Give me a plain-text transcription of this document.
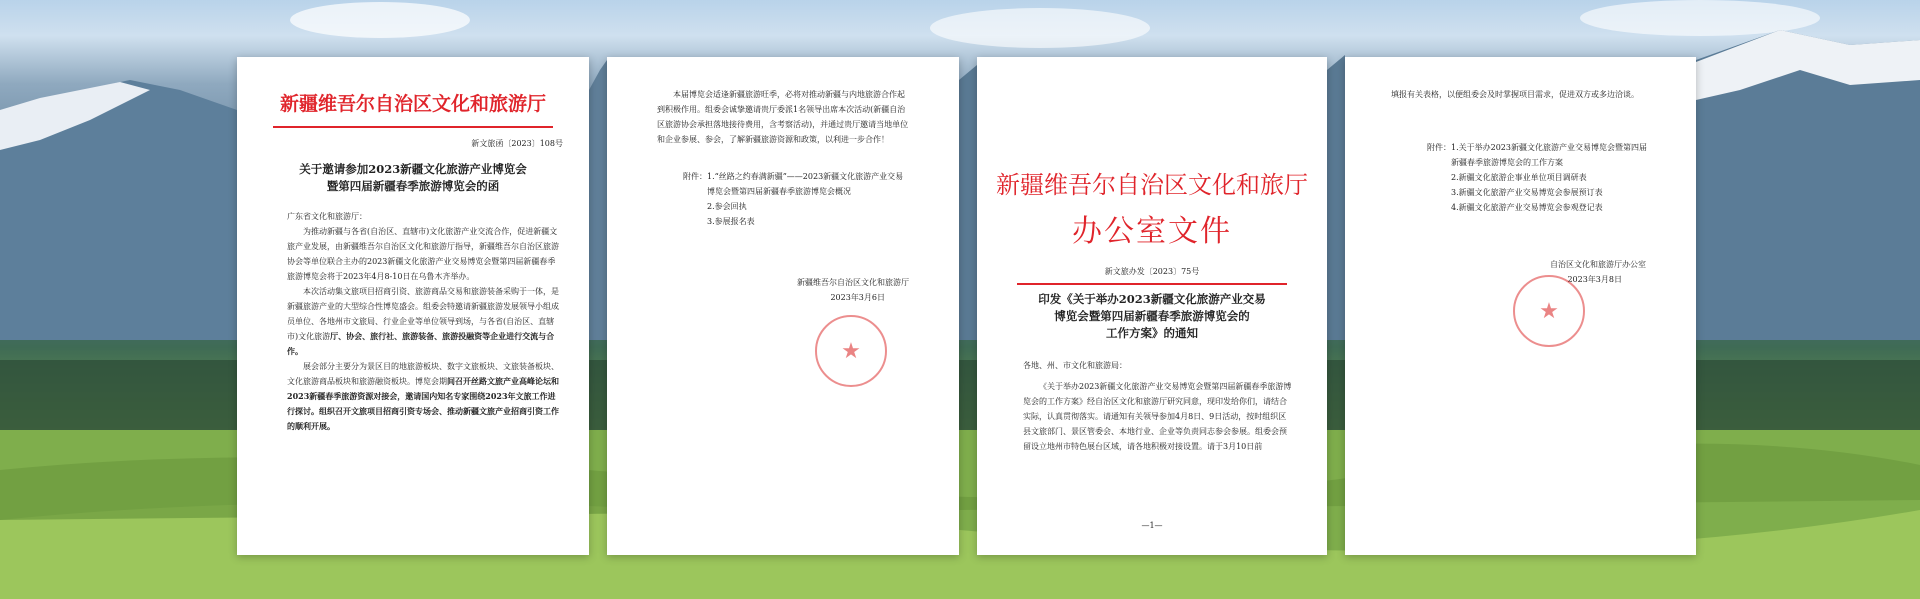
新疆维吾尔自治区文化和旅游厅
新文旅函〔2023〕108号
关于邀请参加2023新疆文化旅游产业博览会
暨第四届新疆春季旅游博览会的函

广东省文化和旅游厅：

为推动新疆与各省(自治区、直辖市)文化旅游产业交流合作，促进新疆文旅产业发展，由新疆维吾尔自治区文化和旅游厅指导，新疆维吾尔自治区旅游协会等单位联合主办的2023新疆文化旅游产业交易博览会暨第四届新疆春季旅游博览会将于2023年4月8-10日在乌鲁木齐举办。

本次活动集文旅项目招商引资、旅游商品交易和旅游装备采购于一体，是新疆旅游产业的大型综合性博览盛会。组委会特邀请新疆旅游发展领导小组成员单位、各地州市文旅局、行业企业等单位领导到场，与各省(自治区、直辖市)文化旅游厅、协会、旅行社、旅游装备、旅游投融资等企业进行交流与合作。

展会部分主要分为景区目的地旅游板块、数字文旅板块、文旅装备板块、文化旅游商品板块和旅游融资板块。博览会期间召开丝路文旅产业高峰论坛和2023新疆春季旅游资源对接会，邀请国内知名专家围绕2023年文旅工作进行探讨。组织召开文旅项目招商引资专场会、推动新疆文旅产业招商引资工作的顺利开展。

本届博览会适逢新疆旅游旺季，必将对推动新疆与内地旅游合作起到积极作用。组委会诚挚邀请贵厅委派1名领导出席本次活动(新疆自治区旅游协会承担落地接待费用，含考察活动)，并通过贵厅邀请当地单位和企业参展、参会，了解新疆旅游资源和政策，以利进一步合作！

附件： 1.“丝路之约春满新疆”——2023新疆文化旅游产业交易博览会暨第四届新疆春季旅游博览会概况
2.参会回执
3.参展报名表
新疆维吾尔自治区文化和旅游厅
2023年3月6日
★
新疆维吾尔自治区文化和旅厅
办公室文件
新文旅办发〔2023〕75号
印发《关于举办2023新疆文化旅游产业交易
博览会暨第四届新疆春季旅游博览会的
工作方案》的通知

各地、州、市文化和旅游局：

《关于举办2023新疆文化旅游产业交易博览会暨第四届新疆春季旅游博览会的工作方案》经自治区文化和旅游厅研究同意，现印发给你们，请结合实际，认真贯彻落实。请通知有关领导参加4月8日、9日活动，按时组织区县文旅部门、景区管委会、本地行业、企业等负责同志参会参展。组委会预留设立地州市特色展台区域，请各地积极对接设置。请于3月10日前

—1—

填报有关表格，以便组委会及时掌握项目需求，促进双方或多边洽谈。

附件： 1.关于举办2023新疆文化旅游产业交易博览会暨第四届新疆春季旅游博览会的工作方案
2.新疆文化旅游企事业单位项目调研表
3.新疆文化旅游产业交易博览会参展预订表
4.新疆文化旅游产业交易博览会参观登记表
自治区文化和旅游厅办公室
2023年3月8日
★
